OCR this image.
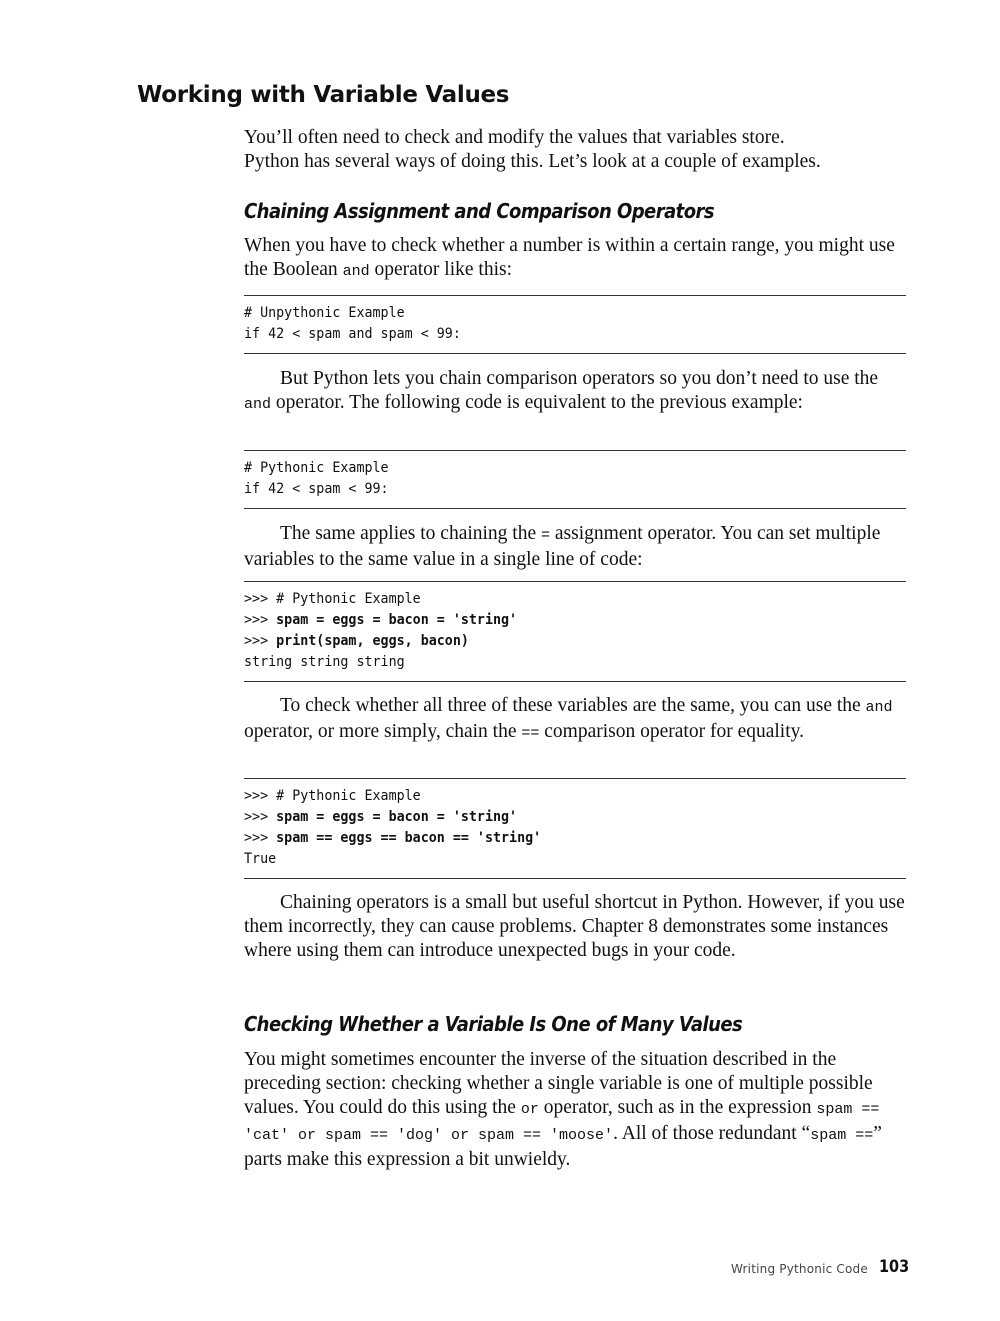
Working with Variable Values

You’ll often need to check and modify the values that variables store.
Python has several ways of doing this. Let’s look at a couple of examples.

Chaining Assignment and Comparison Operators

When you have to check whether a number is within a certain range, you might use the Boolean and operator like this:

# Unpythonic Example
if 42 < spam and spam < 99:

But Python lets you chain comparison operators so you don’t need to use the and operator. The following code is equivalent to the previous example:

# Pythonic Example
if 42 < spam < 99:

The same applies to chaining the = assignment operator. You can set multiple variables to the same value in a single line of code:

>>> # Pythonic Example
>>> spam = eggs = bacon = 'string'
>>> print(spam, eggs, bacon)
string string string

To check whether all three of these variables are the same, you can use the and operator, or more simply, chain the == comparison operator for equality.

>>> # Pythonic Example
>>> spam = eggs = bacon = 'string'
>>> spam == eggs == bacon == 'string'
True

Chaining operators is a small but useful shortcut in Python. However, if you use them incorrectly, they can cause problems. Chapter 8 demonstrates some instances where using them can introduce unexpected bugs in your code.

Checking Whether a Variable Is One of Many Values

You might sometimes encounter the inverse of the situation described in the preceding section: checking whether a single variable is one of multiple possible values. You could do this using the or operator, such as in the expression spam == 'cat' or spam == 'dog' or spam == 'moose'. All of those redundant “spam ==” parts make this expression a bit unwieldy.

Writing Pythonic Code 103
